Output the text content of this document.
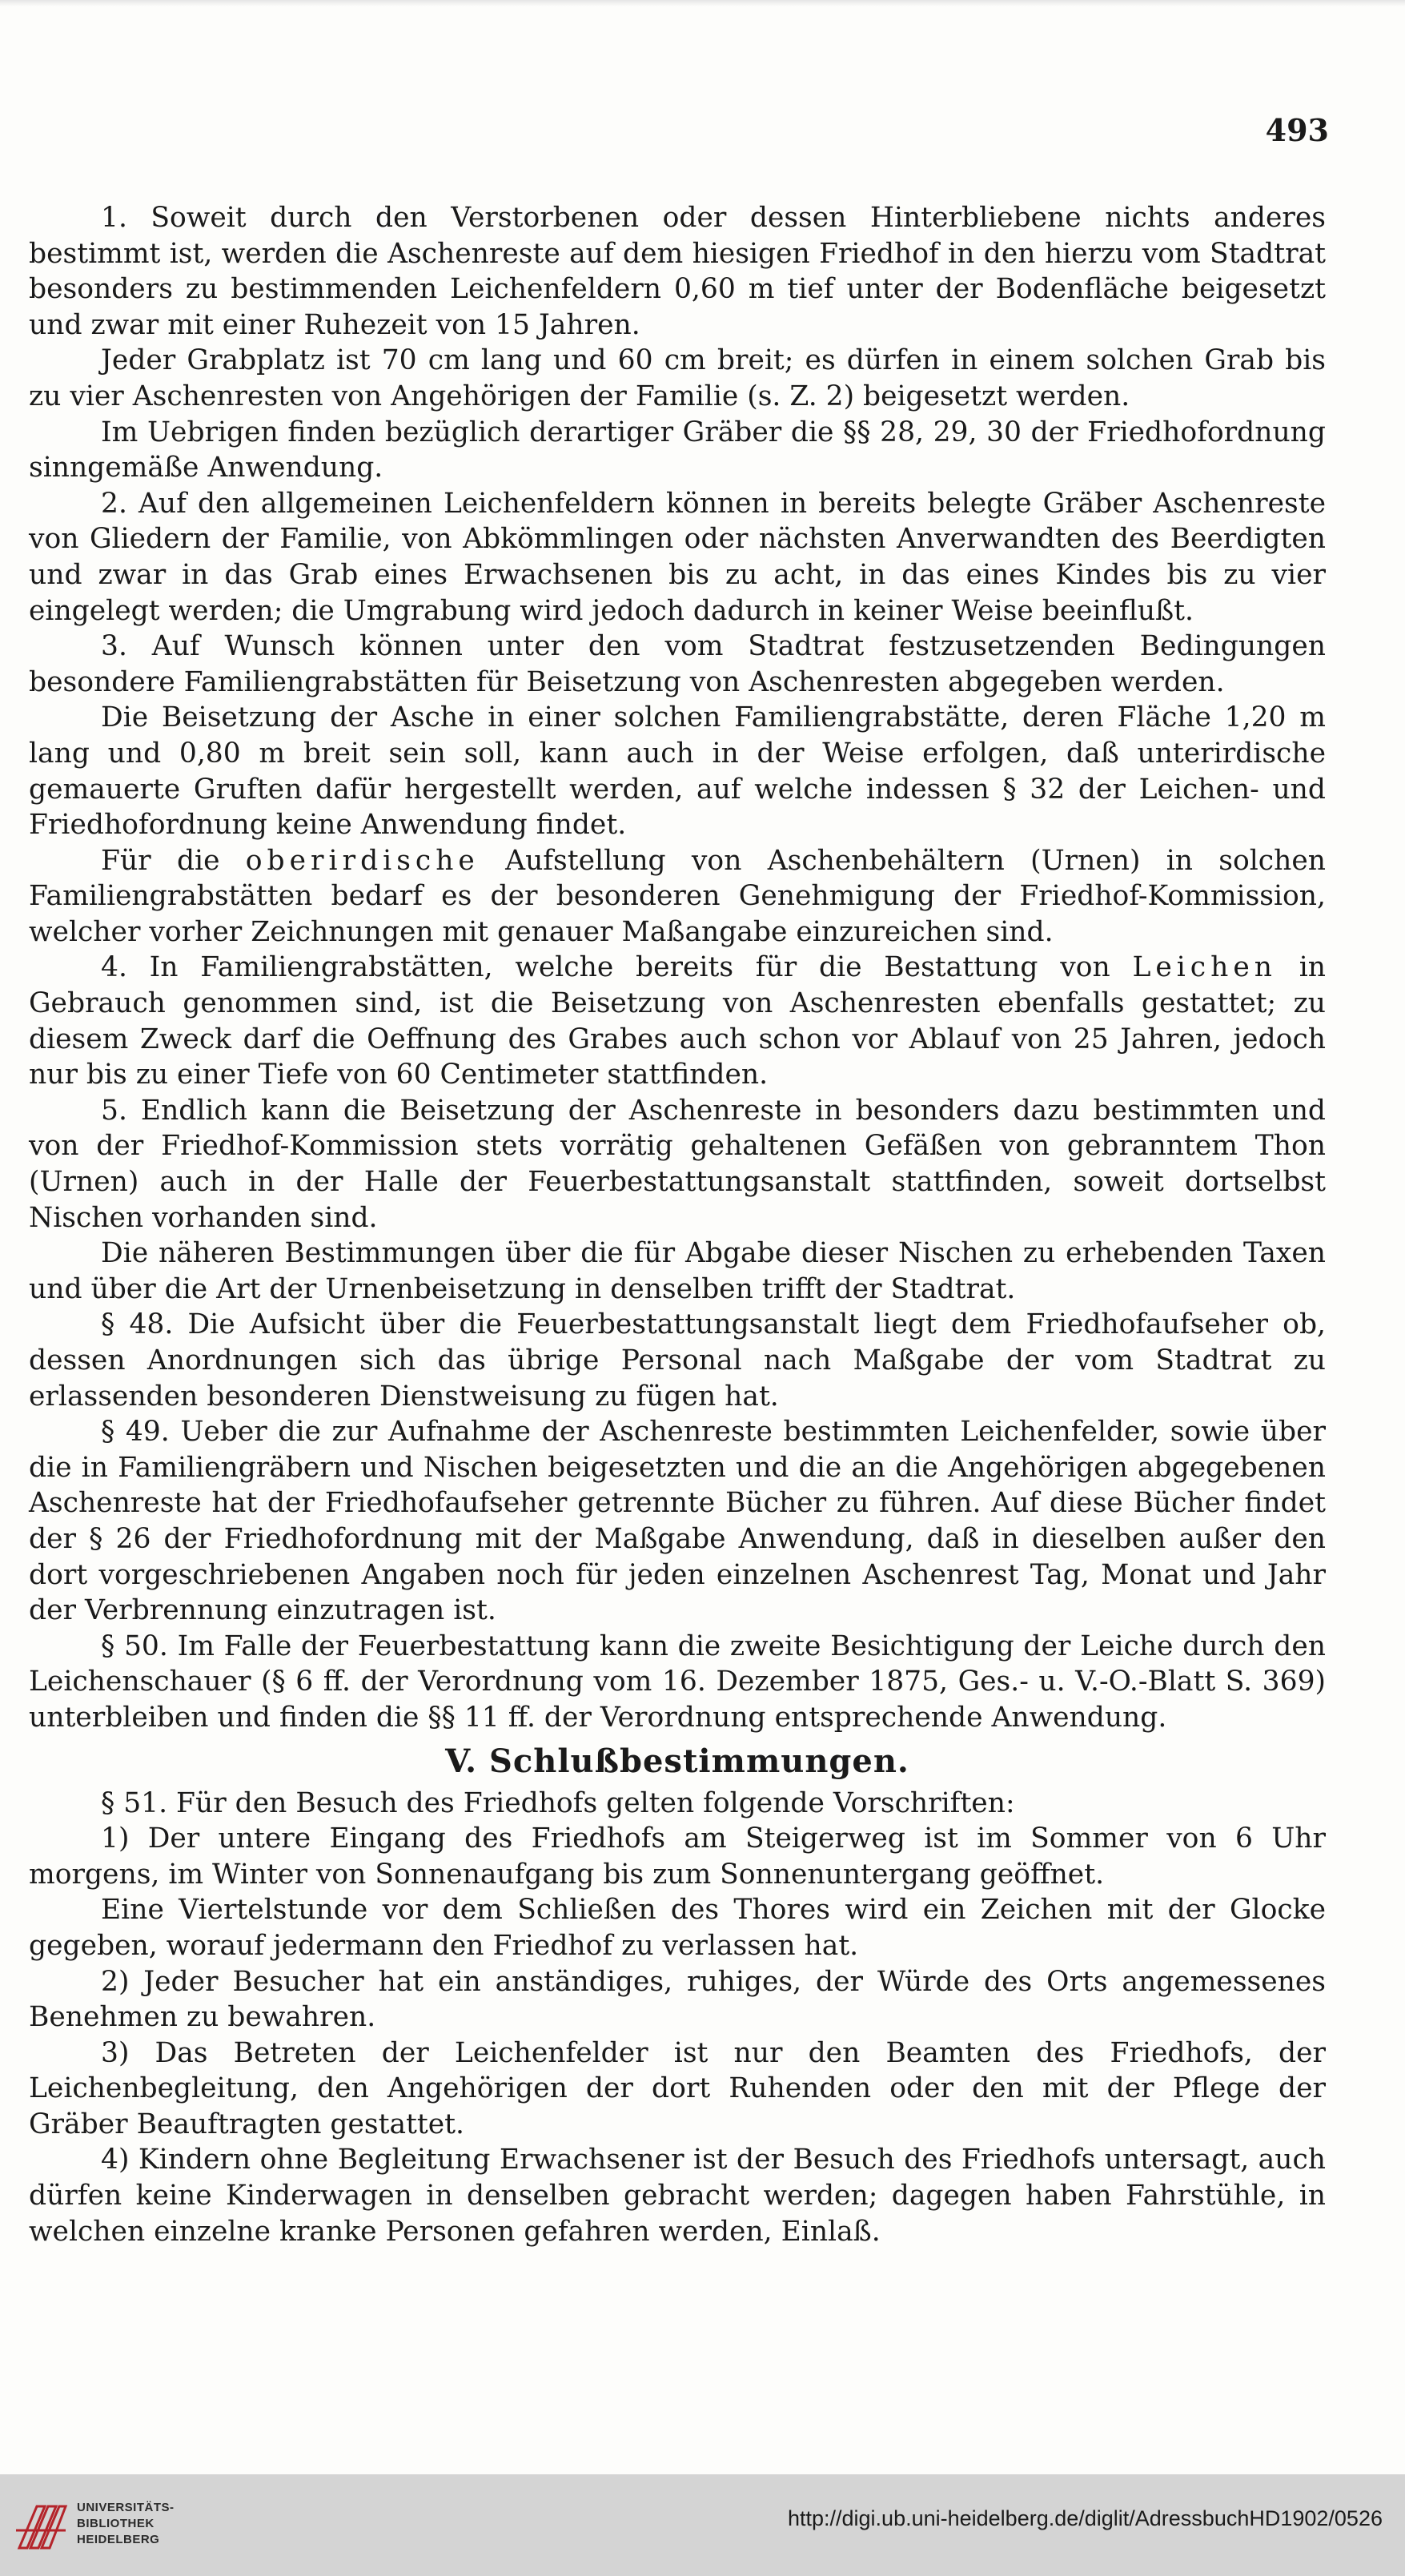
493

1. Soweit durch den Verstorbenen oder dessen Hinterbliebene nichts anderes bestimmt ist, werden die Aschenreste auf dem hiesigen Friedhof in den hierzu vom Stadtrat besonders zu bestimmenden Leichenfeldern 0,60 m tief unter der Bodenfläche beigesetzt und zwar mit einer Ruhezeit von 15 Jahren.

Jeder Grabplatz ist 70 cm lang und 60 cm breit; es dürfen in einem solchen Grab bis zu vier Aschenresten von Angehörigen der Familie (s. Z. 2) beigesetzt werden.

Im Uebrigen finden bezüglich derartiger Gräber die §§ 28, 29, 30 der Friedhofordnung sinngemäße Anwendung.

2. Auf den allgemeinen Leichenfeldern können in bereits belegte Gräber Aschenreste von Gliedern der Familie, von Abkömmlingen oder nächsten Anverwandten des Beerdigten und zwar in das Grab eines Erwachsenen bis zu acht, in das eines Kindes bis zu vier eingelegt werden; die Umgrabung wird jedoch dadurch in keiner Weise beeinflußt.

3. Auf Wunsch können unter den vom Stadtrat festzusetzenden Bedingungen besondere Familiengrabstätten für Beisetzung von Aschenresten abgegeben werden.

Die Beisetzung der Asche in einer solchen Familiengrabstätte, deren Fläche 1,20 m lang und 0,80 m breit sein soll, kann auch in der Weise erfolgen, daß unterirdische gemauerte Gruften dafür hergestellt werden, auf welche indessen § 32 der Leichen- und Friedhofordnung keine Anwendung findet.

Für die oberirdische Aufstellung von Aschenbehältern (Urnen) in solchen Familiengrabstätten bedarf es der besonderen Genehmigung der Friedhof-Kommission, welcher vorher Zeichnungen mit genauer Maßangabe einzureichen sind.

4. In Familiengrabstätten, welche bereits für die Bestattung von Leichen in Gebrauch genommen sind, ist die Beisetzung von Aschenresten ebenfalls gestattet; zu diesem Zweck darf die Oeffnung des Grabes auch schon vor Ablauf von 25 Jahren, jedoch nur bis zu einer Tiefe von 60 Centimeter stattfinden.

5. Endlich kann die Beisetzung der Aschenreste in besonders dazu bestimmten und von der Friedhof-Kommission stets vorrätig gehaltenen Gefäßen von gebranntem Thon (Urnen) auch in der Halle der Feuerbestattungsanstalt stattfinden, soweit dortselbst Nischen vorhanden sind.

Die näheren Bestimmungen über die für Abgabe dieser Nischen zu erhebenden Taxen und über die Art der Urnenbeisetzung in denselben trifft der Stadtrat.

§ 48. Die Aufsicht über die Feuerbestattungsanstalt liegt dem Friedhofaufseher ob, dessen Anordnungen sich das übrige Personal nach Maßgabe der vom Stadtrat zu erlassenden besonderen Dienstweisung zu fügen hat.

§ 49. Ueber die zur Aufnahme der Aschenreste bestimmten Leichenfelder, sowie über die in Familiengräbern und Nischen beigesetzten und die an die Angehörigen abgegebenen Aschenreste hat der Friedhofaufseher getrennte Bücher zu führen. Auf diese Bücher findet der § 26 der Friedhofordnung mit der Maßgabe Anwendung, daß in dieselben außer den dort vorgeschriebenen Angaben noch für jeden einzelnen Aschenrest Tag, Monat und Jahr der Verbrennung einzutragen ist.

§ 50. Im Falle der Feuerbestattung kann die zweite Besichtigung der Leiche durch den Leichenschauer (§ 6 ff. der Verordnung vom 16. Dezember 1875, Ges.- u. V.-O.-Blatt S. 369) unterbleiben und finden die §§ 11 ff. der Verordnung entsprechende Anwendung.

V. Schlußbestimmungen.

§ 51. Für den Besuch des Friedhofs gelten folgende Vorschriften:

1) Der untere Eingang des Friedhofs am Steigerweg ist im Sommer von 6 Uhr morgens, im Winter von Sonnenaufgang bis zum Sonnenuntergang geöffnet.

Eine Viertelstunde vor dem Schließen des Thores wird ein Zeichen mit der Glocke gegeben, worauf jedermann den Friedhof zu verlassen hat.

2) Jeder Besucher hat ein anständiges, ruhiges, der Würde des Orts angemessenes Benehmen zu bewahren.

3) Das Betreten der Leichenfelder ist nur den Beamten des Friedhofs, der Leichenbegleitung, den Angehörigen der dort Ruhenden oder den mit der Pflege der Gräber Beauftragten gestattet.

4) Kindern ohne Begleitung Erwachsener ist der Besuch des Friedhofs untersagt, auch dürfen keine Kinderwagen in denselben gebracht werden; dagegen haben Fahrstühle, in welchen einzelne kranke Personen gefahren werden, Einlaß.

UNIVERSITÄTS-
BIBLIOTHEK
HEIDELBERG
http://digi.ub.uni-heidelberg.de/diglit/AdressbuchHD1902/0526
